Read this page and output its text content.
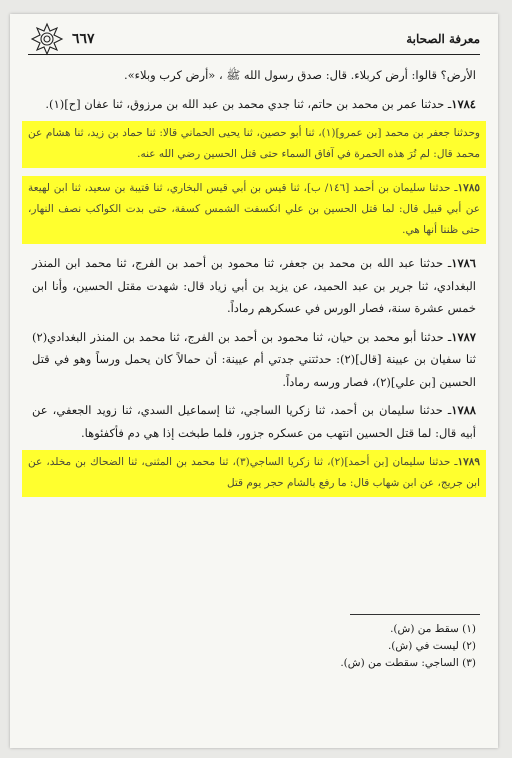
معرفة الصحابة
٦٦٧

الأرض؟ قالوا: أرض كربلاء. قال: صدق رسول الله ﷺ ، «أرض كرب وبلاء».

١٧٨٤ـ حدثنا عمر بن محمد بن حاتم، ثنا جدي محمد بن عبد الله بن مرزوق، ثنا عفان [ح](١).

وحدثنا جعفر بن محمد [بن عمرو](١)، ثنا أبو حصين، ثنا يحيى الحماني قالا: ثنا حماد بن زيد، ثنا هشام عن محمد قال: لم تُرَ هذه الحمرة في آفاق السماء حتى قتل الحسين رضي الله عنه.

١٧٨٥ـ حدثنا سليمان بن أحمد [١٤٦/ ب]، ثنا قيس بن أبي قيس البخاري، ثنا قتيبة بن سعيد، ثنا ابن لهيعة عن أبي قبيل قال: لما قتل الحسين بن علي انكسفت الشمس كسفة، حتى بدت الكواكب نصف النهار، حتى ظننا أنها هي.

١٧٨٦ـ حدثنا عبد الله بن محمد بن جعفر، ثنا محمود بن أحمد بن الفرج، ثنا محمد ابن المنذر البغدادي، ثنا جرير بن عبد الحميد، عن يزيد بن أبي زياد قال: شهدت مقتل الحسين، وأنا ابن خمس عشرة سنة، فصار الورس في عسكرهم رماداً.

١٧٨٧ـ حدثنا أبو محمد بن حيان، ثنا محمود بن أحمد بن الفرج، ثنا محمد بن المنذر البغدادي(٢) ثنا سفيان بن عيينة [قال](٢): حدثتني جدتي أم عيينة: أن حمالاً كان يحمل ورساً وهو في قتل الحسين [بن علي](٢)، فصار ورسه رماداً.

١٧٨٨ـ حدثنا سليمان بن أحمد، ثنا زكريا الساجي، ثنا إسماعيل السدي، ثنا زويد الجعفي، عن أبيه قال: لما قتل الحسين انتهب من عسكره جزور، فلما طبخت إذا هي دم فأكفئوها.

١٧٨٩ـ حدثنا سليمان [بن أحمد](٢)، ثنا زكريا الساجي(٣)، ثنا محمد بن المثنى، ثنا الضحاك بن مخلد، عن ابن جريج، عن ابن شهاب قال: ما رفع بالشام حجر يوم قتل

(١) سقط من (ش).
(٢) ليست في (ش).
(٣) الساجي: سقطت من (ش).
